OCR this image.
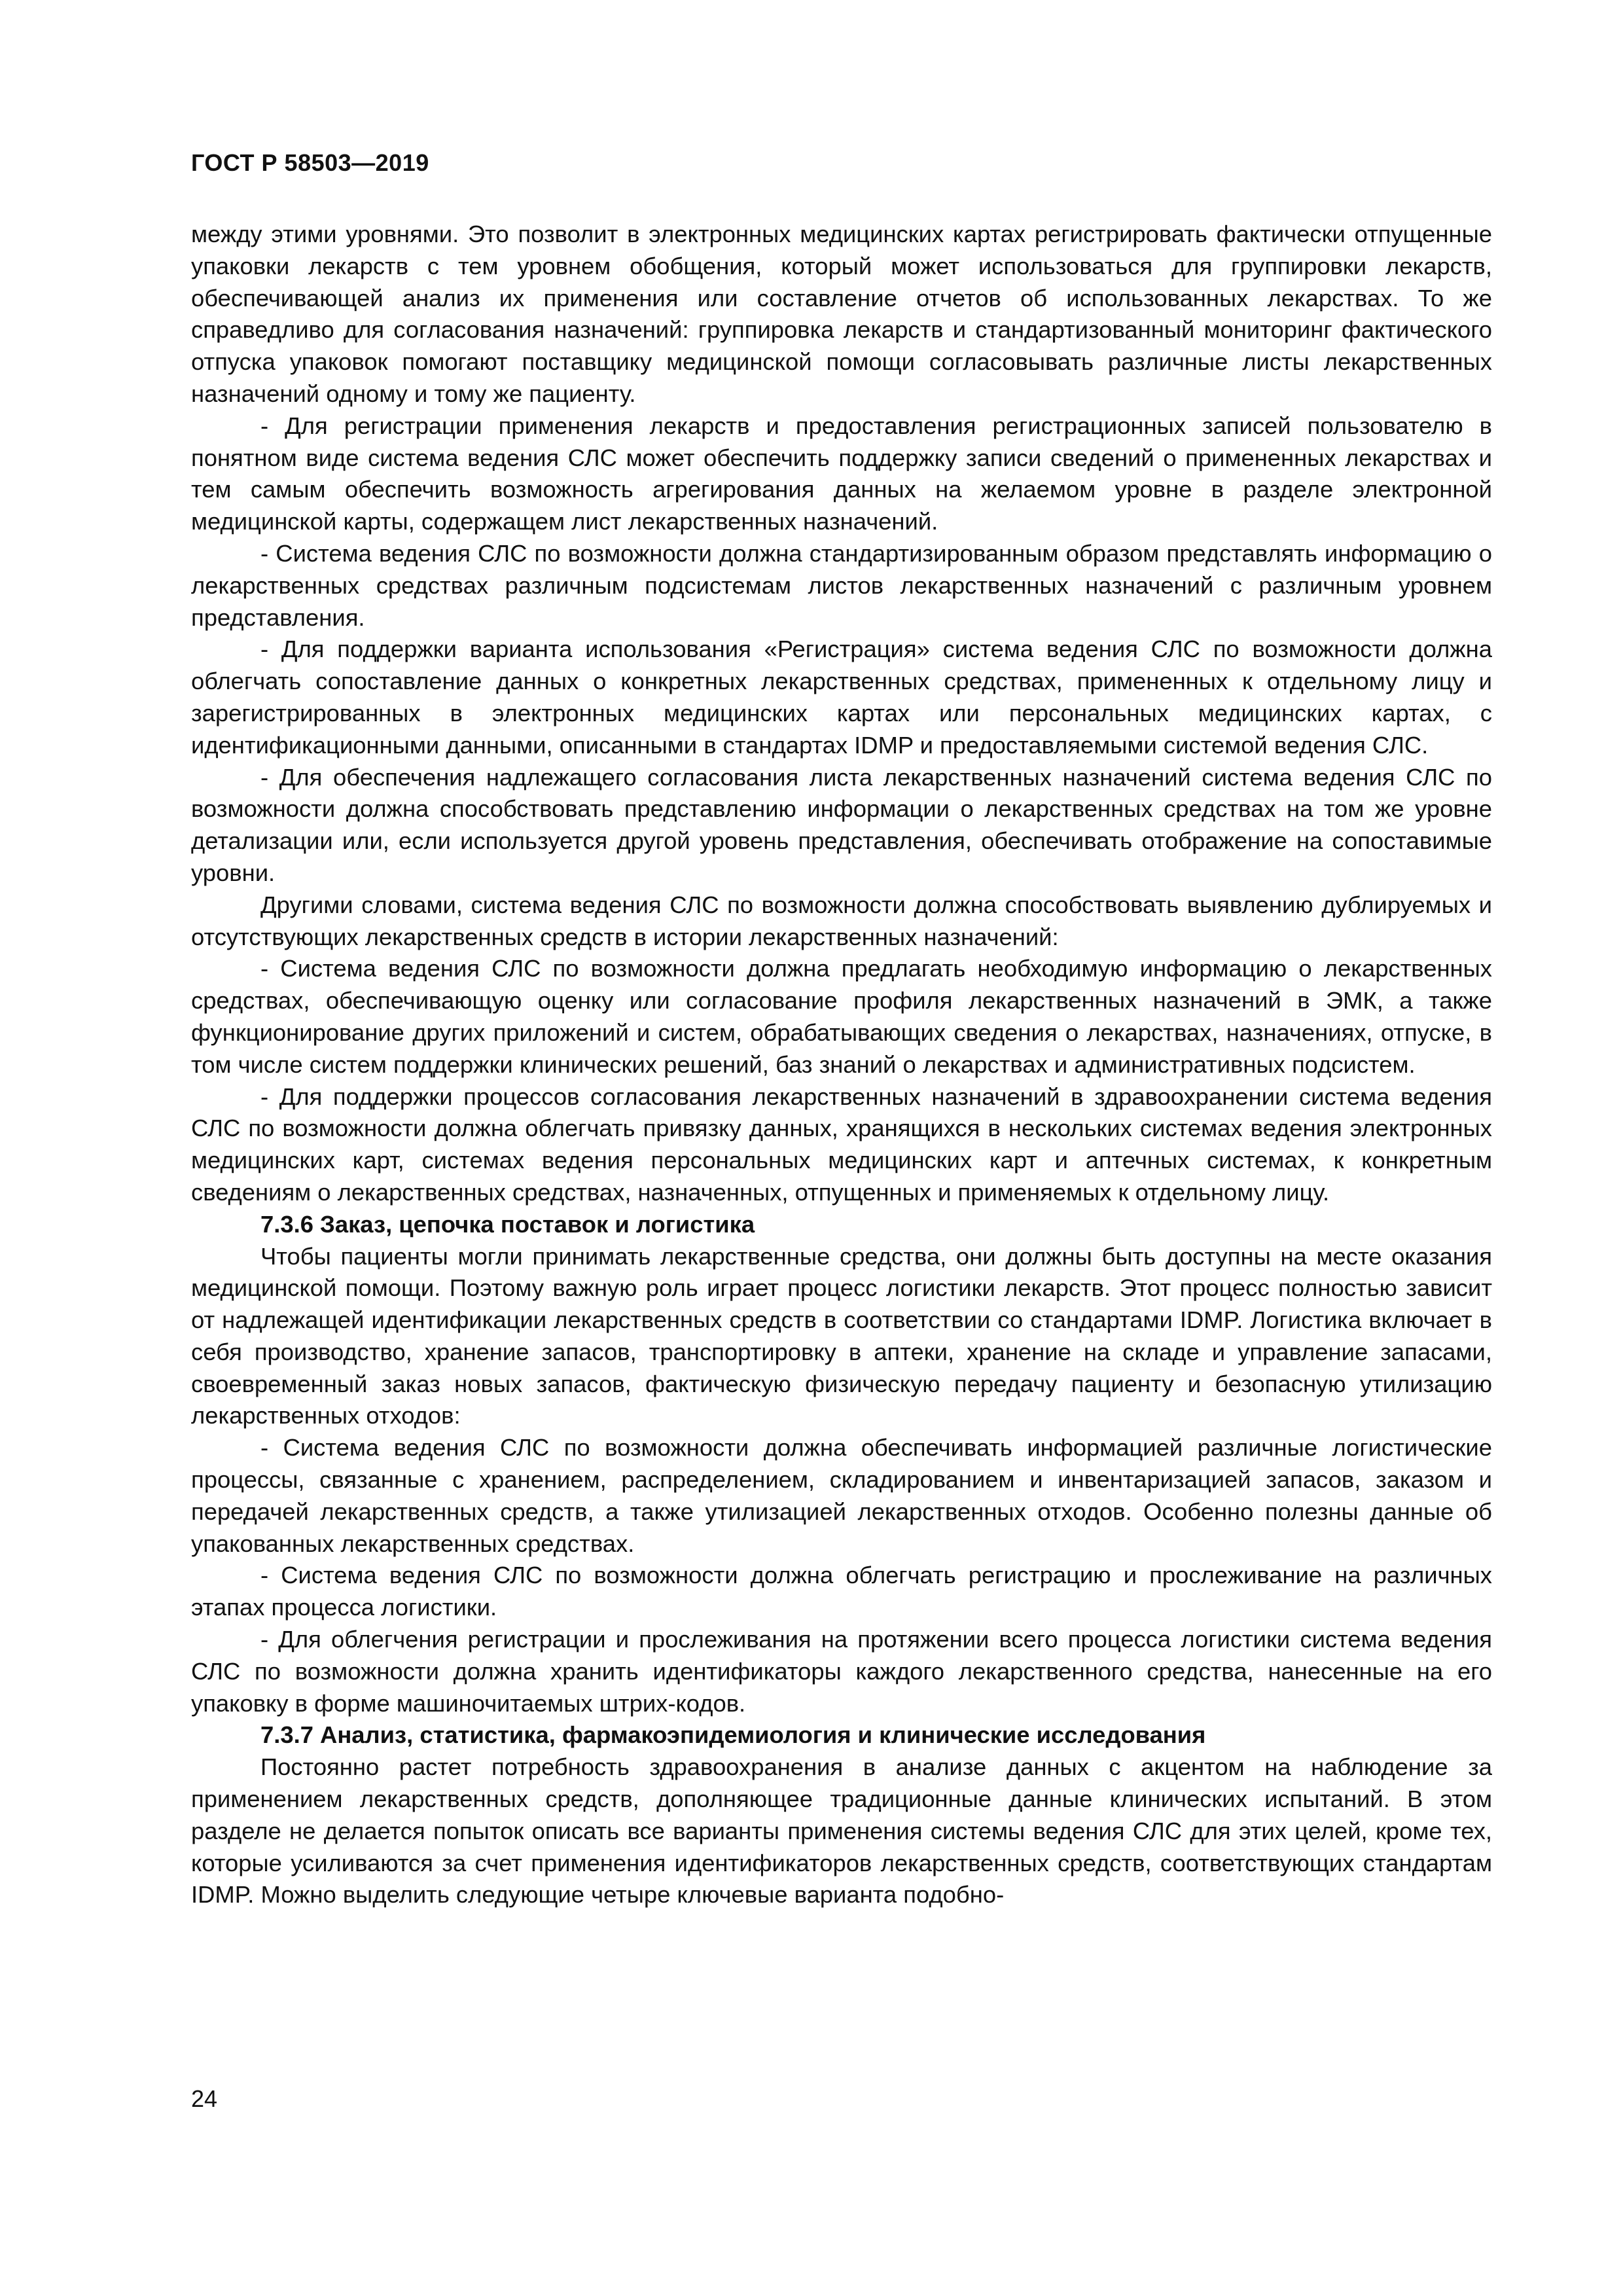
ГОСТ Р 58503—2019

между этими уровнями. Это позволит в электронных медицинских картах регистрировать фактически отпущенные упаковки лекарств с тем уровнем обобщения, который может использоваться для группировки лекарств, обеспечивающей анализ их применения или составление отчетов об использованных лекарствах. То же справедливо для согласования назначений: группировка лекарств и стандартизованный мониторинг фактического отпуска упаковок помогают поставщику медицинской помощи согласовывать различные листы лекарственных назначений одному и тому же пациенту.

- Для регистрации применения лекарств и предоставления регистрационных записей пользователю в понятном виде система ведения СЛС может обеспечить поддержку записи сведений о примененных лекарствах и тем самым обеспечить возможность агрегирования данных на желаемом уровне в разделе электронной медицинской карты, содержащем лист лекарственных назначений.

- Система ведения СЛС по возможности должна стандартизированным образом представлять информацию о лекарственных средствах различным подсистемам листов лекарственных назначений с различным уровнем представления.

- Для поддержки варианта использования «Регистрация» система ведения СЛС по возможности должна облегчать сопоставление данных о конкретных лекарственных средствах, примененных к отдельному лицу и зарегистрированных в электронных медицинских картах или персональных медицинских картах, с идентификационными данными, описанными в стандартах IDMP и предоставляемыми системой ведения СЛС.

- Для обеспечения надлежащего согласования листа лекарственных назначений система ведения СЛС по возможности должна способствовать представлению информации о лекарственных средствах на том же уровне детализации или, если используется другой уровень представления, обеспечивать отображение на сопоставимые уровни.

Другими словами, система ведения СЛС по возможности должна способствовать выявлению дублируемых и отсутствующих лекарственных средств в истории лекарственных назначений:

- Система ведения СЛС по возможности должна предлагать необходимую информацию о лекарственных средствах, обеспечивающую оценку или согласование профиля лекарственных назначений в ЭМК, а также функционирование других приложений и систем, обрабатывающих сведения о лекарствах, назначениях, отпуске, в том числе систем поддержки клинических решений, баз знаний о лекарствах и административных подсистем.

- Для поддержки процессов согласования лекарственных назначений в здравоохранении система ведения СЛС по возможности должна облегчать привязку данных, хранящихся в нескольких системах ведения электронных медицинских карт, системах ведения персональных медицинских карт и аптечных системах, к конкретным сведениям о лекарственных средствах, назначенных, отпущенных и применяемых к отдельному лицу.

7.3.6 Заказ, цепочка поставок и логистика

Чтобы пациенты могли принимать лекарственные средства, они должны быть доступны на месте оказания медицинской помощи. Поэтому важную роль играет процесс логистики лекарств. Этот процесс полностью зависит от надлежащей идентификации лекарственных средств в соответствии со стандартами IDMP. Логистика включает в себя производство, хранение запасов, транспортировку в аптеки, хранение на складе и управление запасами, своевременный заказ новых запасов, фактическую физическую передачу пациенту и безопасную утилизацию лекарственных отходов:

- Система ведения СЛС по возможности должна обеспечивать информацией различные логистические процессы, связанные с хранением, распределением, складированием и инвентаризацией запасов, заказом и передачей лекарственных средств, а также утилизацией лекарственных отходов. Особенно полезны данные об упакованных лекарственных средствах.

- Система ведения СЛС по возможности должна облегчать регистрацию и прослеживание на различных этапах процесса логистики.

- Для облегчения регистрации и прослеживания на протяжении всего процесса логистики система ведения СЛС по возможности должна хранить идентификаторы каждого лекарственного средства, нанесенные на его упаковку в форме машиночитаемых штрих-кодов.

7.3.7 Анализ, статистика, фармакоэпидемиология и клинические исследования

Постоянно растет потребность здравоохранения в анализе данных с акцентом на наблюдение за применением лекарственных средств, дополняющее традиционные данные клинических испытаний. В этом разделе не делается попыток описать все варианты применения системы ведения СЛС для этих целей, кроме тех, которые усиливаются за счет применения идентификаторов лекарственных средств, соответствующих стандартам IDMP. Можно выделить следующие четыре ключевые варианта подобно-

24
